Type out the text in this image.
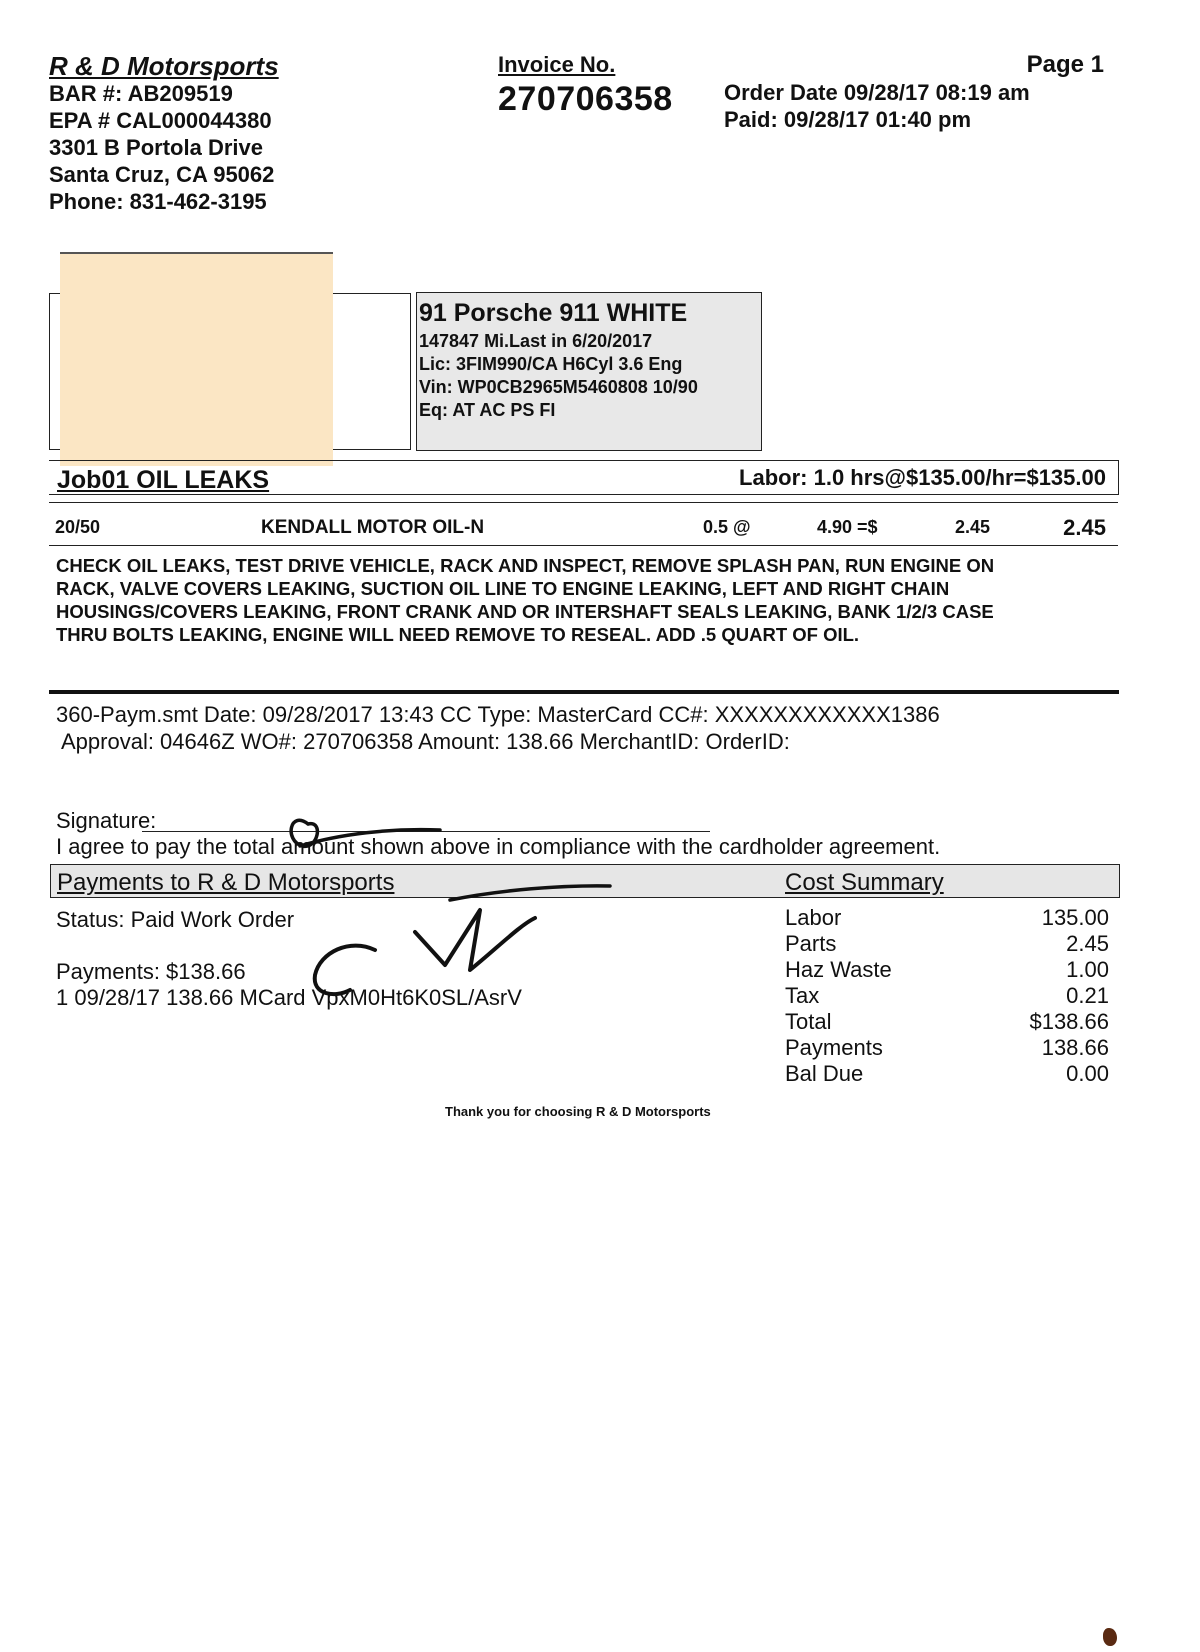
R & D Motorsports
BAR #: AB209519
EPA # CAL000044380
3301 B Portola Drive
Santa Cruz, CA 95062
Phone: 831-462-3195
Invoice No.
270706358
Page 1
Order Date 09/28/17 08:19 am
Paid: 09/28/17 01:40 pm
91 Porsche 911 WHITE
147847 Mi.Last in 6/20/2017
Lic: 3FIM990/CA H6Cyl 3.6 Eng
Vin: WP0CB2965M5460808 10/90
Eq: AT AC PS FI
Job01 OIL LEAKS	Labor: 1.0 hrs@$135.00/hr=$135.00
20/50	KENDALL MOTOR OIL-N	0.5 @	4.90 =$	2.45	2.45
CHECK OIL LEAKS, TEST DRIVE VEHICLE, RACK AND INSPECT, REMOVE SPLASH PAN, RUN ENGINE ON
RACK, VALVE COVERS LEAKING, SUCTION OIL LINE TO ENGINE LEAKING, LEFT AND RIGHT CHAIN
HOUSINGS/COVERS LEAKING, FRONT CRANK AND OR INTERSHAFT SEALS LEAKING, BANK 1/2/3 CASE
THRU BOLTS LEAKING, ENGINE WILL NEED REMOVE TO RESEAL. ADD .5 QUART OF OIL.
360-Paym.smt Date: 09/28/2017 13:43 CC Type: MasterCard CC#: XXXXXXXXXXXX1386
Approval: 04646Z WO#: 270706358 Amount: 138.66 MerchantID: OrderID:
Signature:
I agree to pay the total amount shown above in compliance with the cardholder agreement.
Payments to R & D Motorsports	Cost Summary
Status: Paid Work Order
Payments: $138.66
1 09/28/17 138.66 MCard VpxM0Ht6K0SL/AsrV
Labor	135.00
Parts	2.45
Haz Waste	1.00
Tax	0.21
Total	$138.66
Payments	138.66
Bal Due	0.00
Thank you for choosing R & D Motorsports
